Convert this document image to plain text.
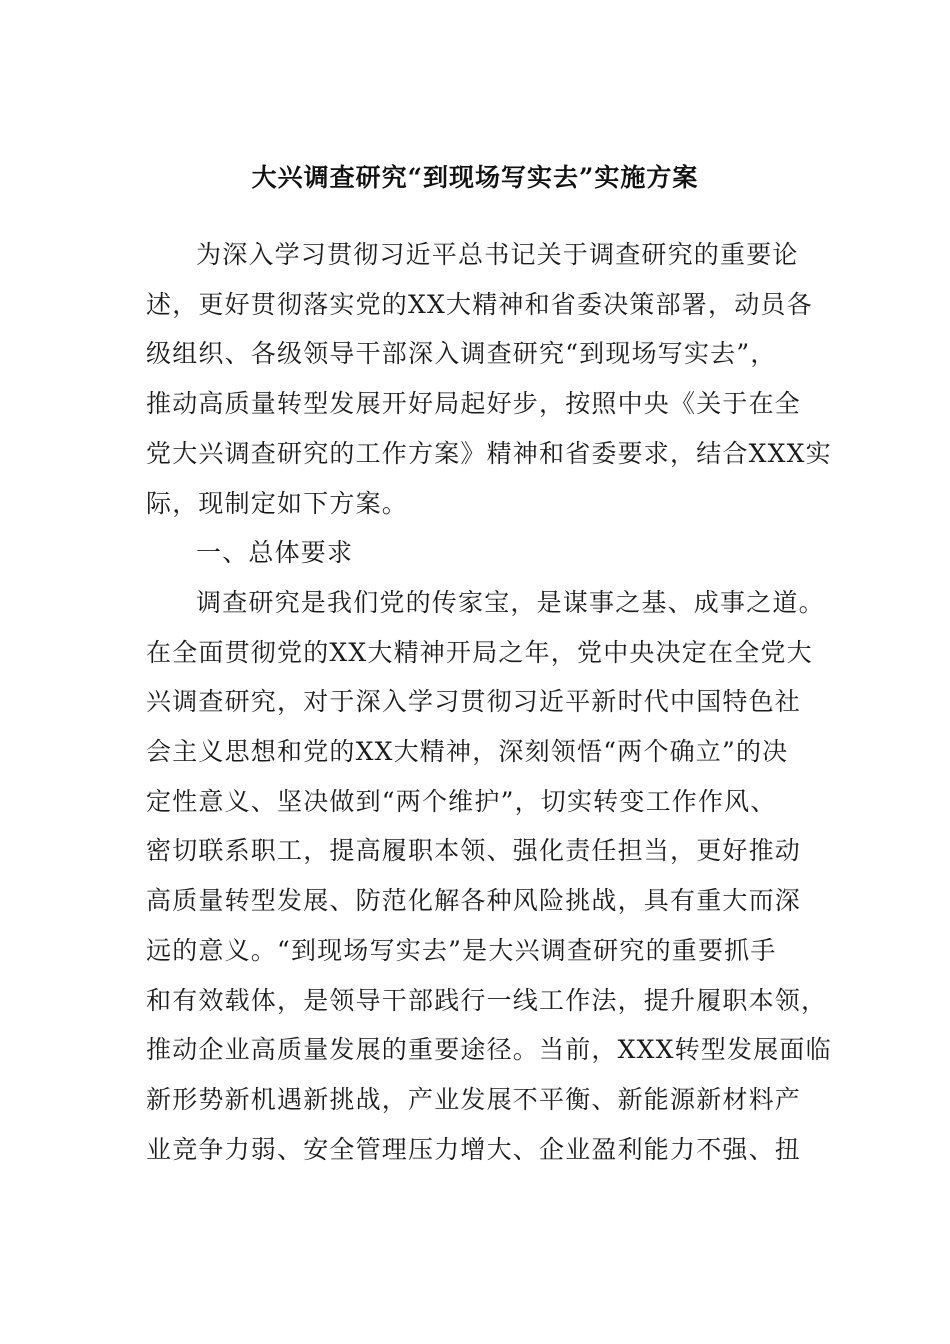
大兴调查研究“到现场写实去”实施方案
为深入学习贯彻习近平总书记关于调查研究的重要论
述，更好贯彻落实党的XX大精神和省委决策部署，动员各
级组织、各级领导干部深入调查研究“到现场写实去”，
推动高质量转型发展开好局起好步，按照中央《关于在全
党大兴调查研究的工作方案》精神和省委要求，结合XXX实
际，现制定如下方案。
一、总体要求
调查研究是我们党的传家宝，是谋事之基、成事之道。
在全面贯彻党的XX大精神开局之年，党中央决定在全党大
兴调查研究，对于深入学习贯彻习近平新时代中国特色社
会主义思想和党的XX大精神，深刻领悟“两个确立”的决
定性意义、坚决做到“两个维护”，切实转变工作作风、
密切联系职工，提高履职本领、强化责任担当，更好推动
高质量转型发展、防范化解各种风险挑战，具有重大而深
远的意义。“到现场写实去”是大兴调查研究的重要抓手
和有效载体，是领导干部践行一线工作法，提升履职本领，
推动企业高质量发展的重要途径。当前，XXX转型发展面临
新形势新机遇新挑战，产业发展不平衡、新能源新材料产
业竞争力弱、安全管理压力增大、企业盈利能力不强、扭
